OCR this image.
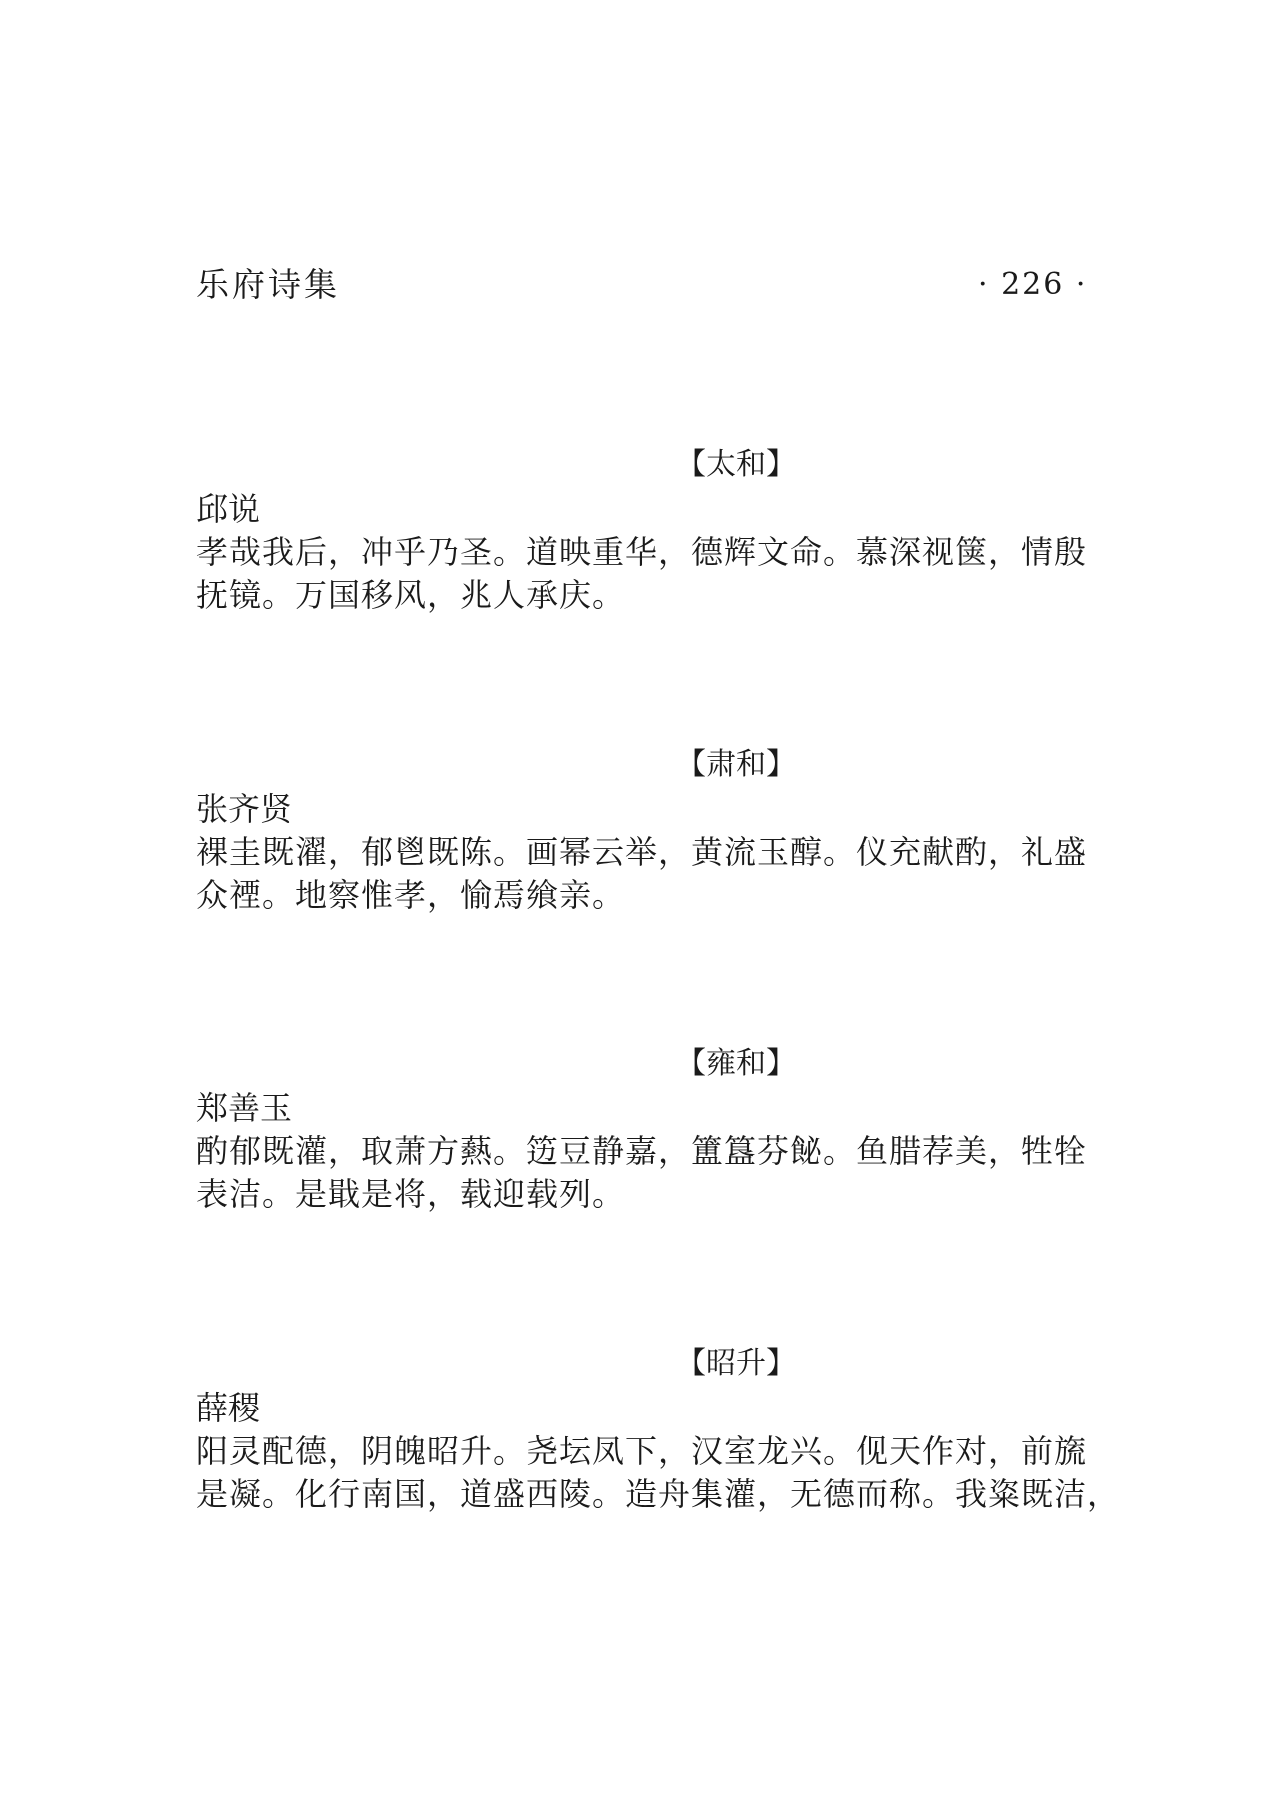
乐府诗集	· 226 ·
【太和】
邱说
孝哉我后，冲乎乃圣。道映重华，德辉文命。慕深视箧，情殷
抚镜。万国移风，兆人承庆。
【肃和】
张齐贤
裸圭既濯，郁鬯既陈。画幂云举，黄流玉醇。仪充献酌，礼盛
众禋。地察惟孝，愉焉飨亲。
【雍和】
郑善玉
酌郁既灌，取萧方爇。笾豆静嘉，簠簋芬飶。鱼腊荐美，牲牷
表洁。是戢是将，载迎载列。
【昭升】
薛稷
阳灵配德，阴魄昭升。尧坛凤下，汉室龙兴。伣天作对，前旒
是凝。化行南国，道盛西陵。造舟集灌，无德而称。我粢既洁，
